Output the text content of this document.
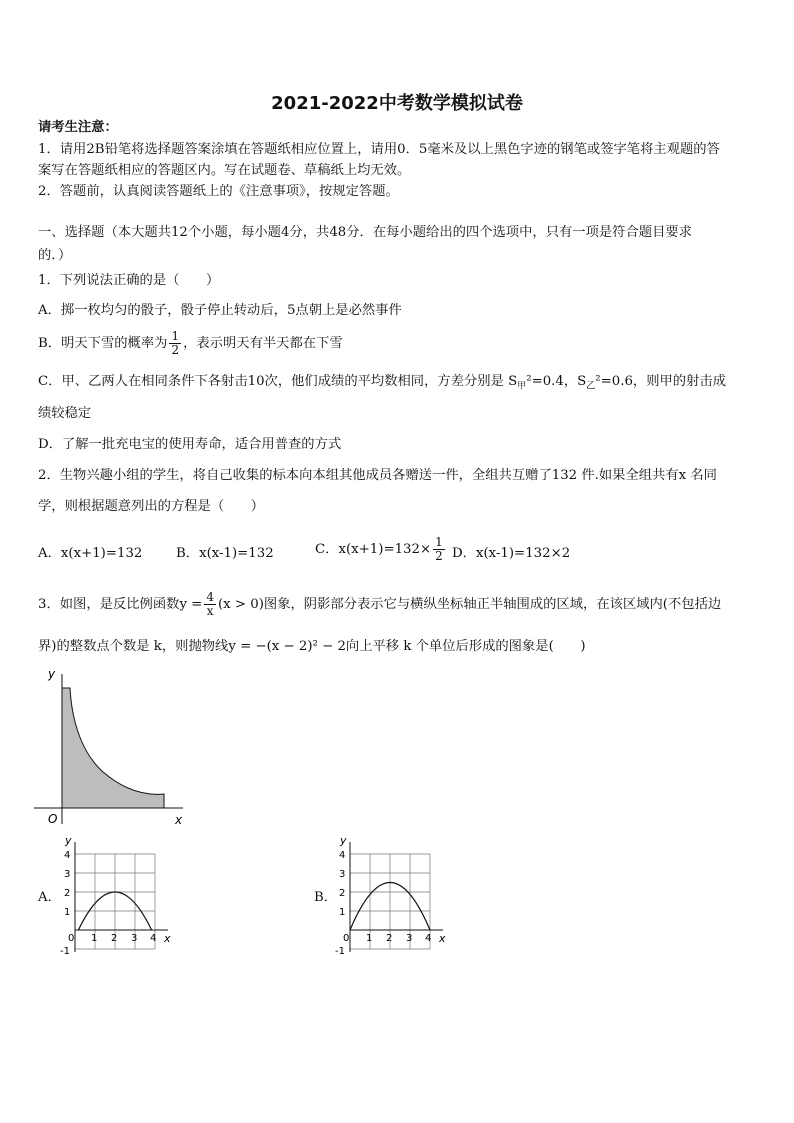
2021-2022中考数学模拟试卷
请考生注意：
1．请用2B铅笔将选择题答案涂填在答题纸相应位置上，请用0．5毫米及以上黑色字迹的钢笔或签字笔将主观题的答
案写在答题纸相应的答题区内。写在试题卷、草稿纸上均无效。
2．答题前，认真阅读答题纸上的《注意事项》，按规定答题。
一、选择题（本大题共12个小题，每小题4分，共48分．在每小题给出的四个选项中，只有一项是符合题目要求
的．）
1．下列说法正确的是（　　）
A．掷一枚均匀的骰子，骰子停止转动后，5点朝上是必然事件
B．明天下雪的概率为 $\frac{1}{2}$ ，表示明天有半天都在下雪
C．甲、乙两人在相同条件下各射击10次，他们成绩的平均数相同，方差分别是 $S_甲^2=0.4$，$S_乙^2=0.6$，则甲的射击成
绩较稳定
D．了解一批充电宝的使用寿命，适合用普查的方式
2．生物兴趣小组的学生，将自己收集的标本向本组其他成员各赠送一件，全组共互赠了132 件.如果全组共有x 名同
学，则根据题意列出的方程是（　　）
A．x(x+1)=132	B．x(x-1)=132	C．$x(x+1)=132\times \frac{1}{2}$ D．x(x-1)=132×2
3．如图，是反比例函数$y = \frac{4}{x} (x > 0)$图象，阴影部分表示它与横纵坐标轴正半轴围成的区域，在该区域内(不包括边
界)的整数点个数是 k，则抛物线y = −(x − 2)² − 2向上平移 k 个单位后形成的图象是(　　)
y
x
O
A．
y
x
4
3
2
1
-1
0 1 2 3 4
B．
y
x
4
3
2
1
-1
0 1 2 3 4
